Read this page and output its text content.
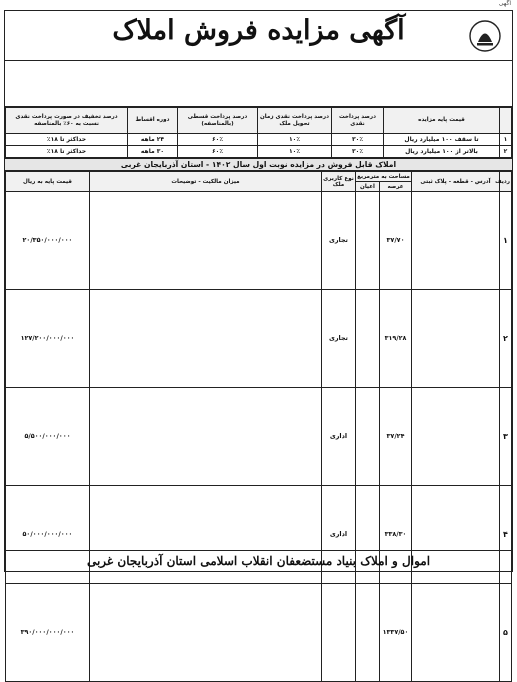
آگهی
آگهی مزایده فروش املاک
	قیمت پایه مزایده	درصد پرداخت نقدی	درصد پرداخت نقدی زمان تحویل ملک	درصد پرداخت قسطی (بالمناصفه)	دوره اقساط	درصد تخفیف در صورت پرداخت نقدی نسبت به ۶۰٪ بالمناصفه
۱	تا سقف ۱۰۰ میلیارد ریال	۳۰٪	۱۰٪	۶۰٪	۲۴ ماهه	حداکثر تا ۱۸٪
۲	بالاتر از ۱۰۰ میلیارد ریال	۳۰٪	۱۰٪	۶۰٪	۳۰ ماهه	حداکثر تا ۱۸٪
املاک قابل فروش در مزایده نوبت اول سال ۱۴۰۲ - استان آذربایجان غربی
ردیف	آدرس - قطعه - پلاک ثبتی	مساحت به مترمربع		نوع کاربری ملک	میزان مالکیت - توضیحات	قیمت پایه به ریال
		عرصه	اعیان			
۱		۳۷/۷۰		تجاری		۲۰/۳۵۰/۰۰۰/۰۰۰
۲		۳۱۹/۲۸		تجاری		۱۲۷/۲۰۰/۰۰۰/۰۰۰
۳		۳۷/۲۴		اداری		۵/۵۰۰/۰۰۰/۰۰۰
۴		۳۳۸/۳۰		اداری		۵۰/۰۰۰/۰۰۰/۰۰۰
۵		۱۳۳۷/۵۰				۳۹۰/۰۰۰/۰۰۰/۰۰۰
اموال و املاک بنیاد مستضعفان انقلاب اسلامی استان آذربایجان غربی
